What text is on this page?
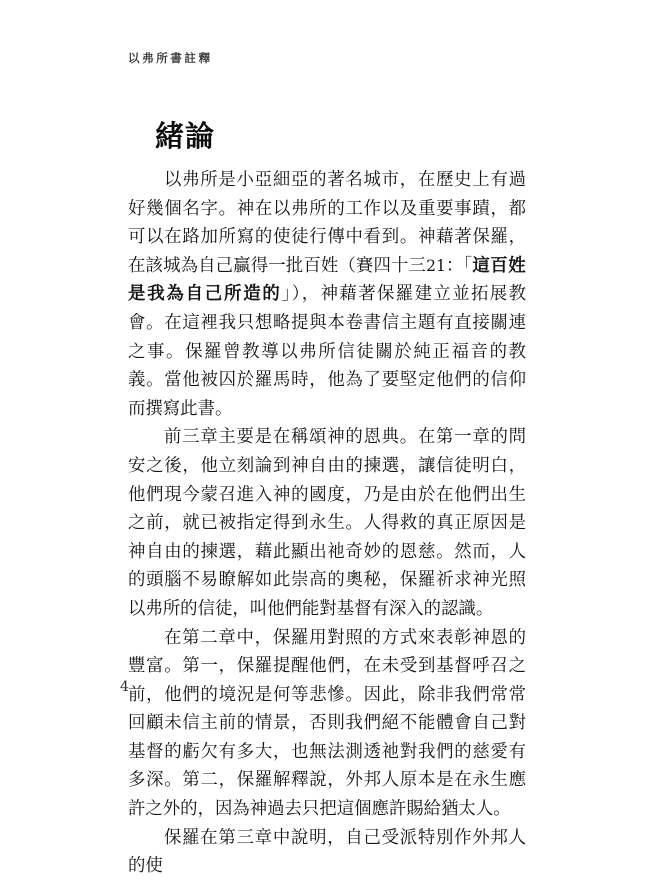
以弗所書註釋
緒論

以弗所是小亞細亞的著名城市，在歷史上有過好幾個名字。神在以弗所的工作以及重要事蹟，都可以在路加所寫的使徒行傳中看到。神藉著保羅，在該城為自己贏得一批百姓（賽四十三21：「這百姓是我為自己所造的」），神藉著保羅建立並拓展教會。在這裡我只想略提與本卷書信主題有直接關連之事。保羅曾教導以弗所信徒關於純正福音的教義。當他被囚於羅馬時，他為了要堅定他們的信仰而撰寫此書。

前三章主要是在稱頌神的恩典。在第一章的問安之後，他立刻論到神自由的揀選，讓信徒明白，他們現今蒙召進入神的國度，乃是由於在他們出生之前，就已被指定得到永生。人得救的真正原因是神自由的揀選，藉此顯出祂奇妙的恩慈。然而，人的頭腦不易瞭解如此崇高的奧秘，保羅祈求神光照以弗所的信徒，叫他們能對基督有深入的認識。

在第二章中，保羅用對照的方式來表彰神恩的豐富。第一，保羅提醒他們，在未受到基督呼召之前，他們的境況是何等悲慘。因此，除非我們常常回顧未信主前的情景，否則我們絕不能體會自己對基督的虧欠有多大，也無法測透祂對我們的慈愛有多深。第二，保羅解釋說，外邦人原本是在永生應許之外的，因為神過去只把這個應許賜給猶太人。

保羅在第三章中說明，自己受派特別作外邦人的使

4
